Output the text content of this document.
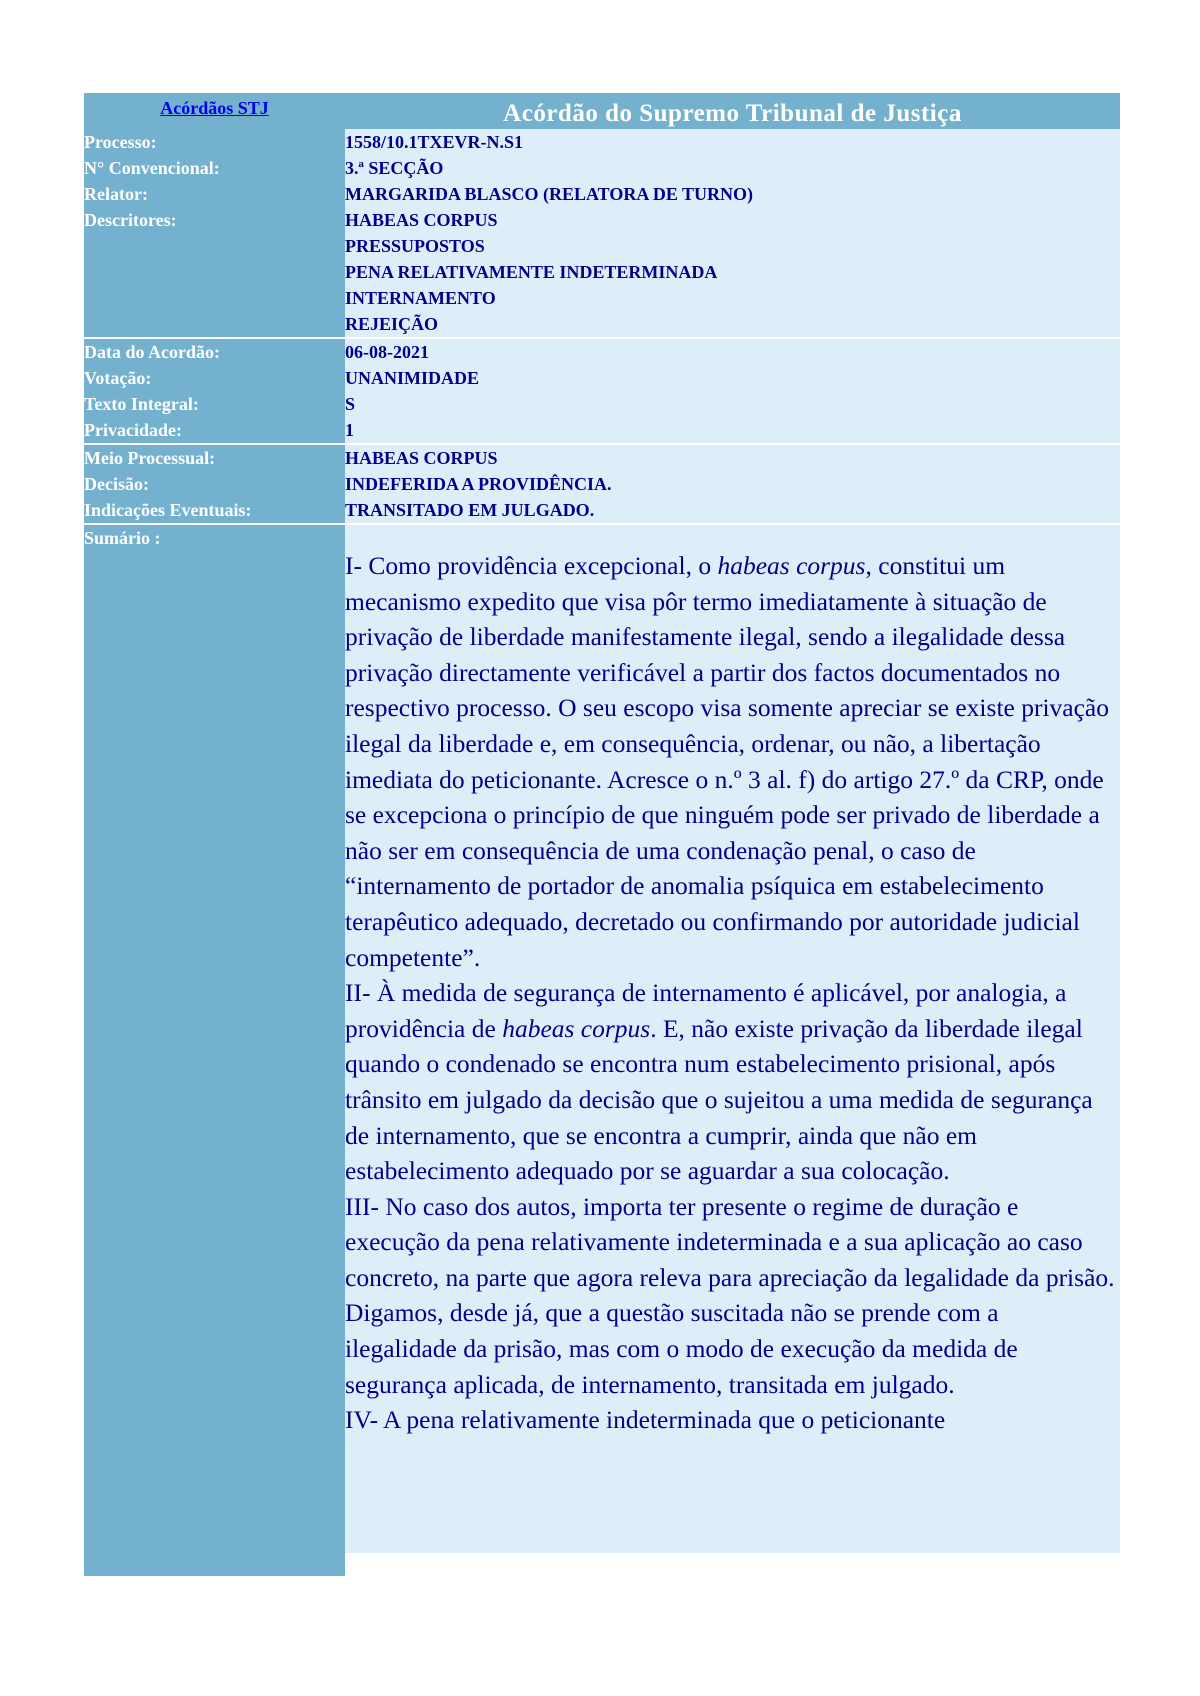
Acórdãos STJ	Acórdão do Supremo Tribunal de Justiça
Processo:
N° Convencional:
Relator:
Descritores:
1558/10.1TXEVR-N.S1
3.ª SECÇÃO
MARGARIDA BLASCO (RELATORA DE TURNO)
HABEAS CORPUS
PRESSUPOSTOS
PENA RELATIVAMENTE INDETERMINADA
INTERNAMENTO
REJEIÇÃO
Data do Acordão:
Votação:
Texto Integral:
Privacidade:
06-08-2021
UNANIMIDADE
S
1
Meio Processual:
Decisão:
Indicações Eventuais:
HABEAS CORPUS
INDEFERIDA A PROVIDÊNCIA.
TRANSITADO EM JULGADO.
Sumário :

I- Como providência excepcional, o habeas corpus, constitui um mecanismo expedito que visa pôr termo imediatamente à situação de privação de liberdade manifestamente ilegal, sendo a ilegalidade dessa privação directamente verificável a partir dos factos documentados no respectivo processo. O seu escopo visa somente apreciar se existe privação ilegal da liberdade e, em consequência, ordenar, ou não, a libertação imediata do peticionante. Acresce o n.º 3 al. f) do artigo 27.º da CRP, onde se excepciona o princípio de que ninguém pode ser privado de liberdade a não ser em consequência de uma condenação penal, o caso de “internamento de portador de anomalia psíquica em estabelecimento terapêutico adequado, decretado ou confirmando por autoridade judicial competente”.

II- À medida de segurança de internamento é aplicável, por analogia, a providência de habeas corpus. E, não existe privação da liberdade ilegal quando o condenado se encontra num estabelecimento prisional, após trânsito em julgado da decisão que o sujeitou a uma medida de segurança de internamento, que se encontra a cumprir, ainda que não em estabelecimento adequado por se aguardar a sua colocação.

III- No caso dos autos, importa ter presente o regime de duração e execução da pena relativamente indeterminada e a sua aplicação ao caso concreto, na parte que agora releva para apreciação da legalidade da prisão. Digamos, desde já, que a questão suscitada não se prende com a ilegalidade da prisão, mas com o modo de execução da medida de segurança aplicada, de internamento, transitada em julgado.

IV- A pena relativamente indeterminada que o peticionante
